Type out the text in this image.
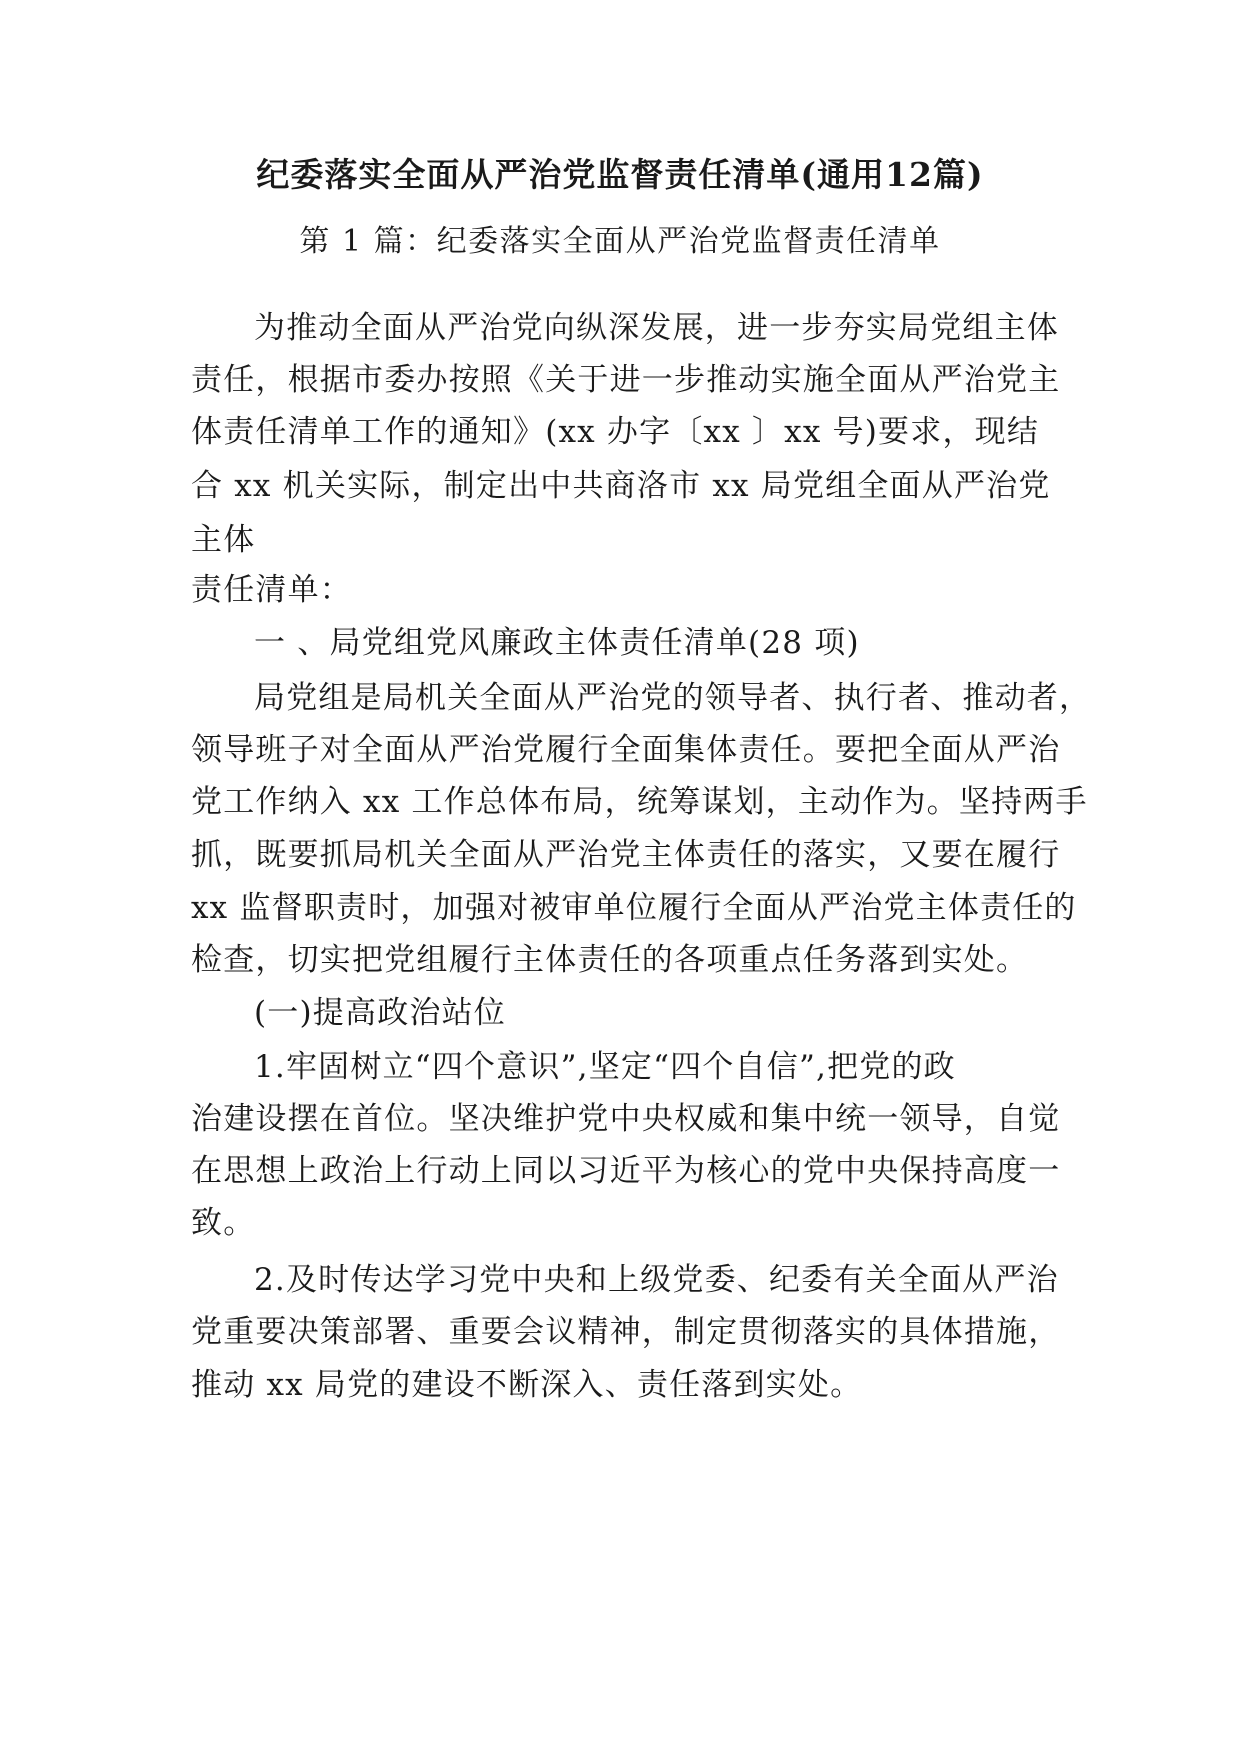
纪委落实全面从严治党监督责任清单(通用12篇)
第 1 篇：纪委落实全面从严治党监督责任清单
为推动全面从严治党向纵深发展，进一步夯实局党组主体
责任，根据市委办按照《关于进一步推动实施全面从严治党主
体责任清单工作的通知》(xx 办字〔xx 〕xx 号)要求，现结
合 xx 机关实际，制定出中共商洛市 xx 局党组全面从严治党
主体
责任清单：
一 、局党组党风廉政主体责任清单(28 项)
局党组是局机关全面从严治党的领导者、执行者、推动者，
领导班子对全面从严治党履行全面集体责任。要把全面从严治
党工作纳入 xx 工作总体布局，统筹谋划，主动作为。坚持两手
抓，既要抓局机关全面从严治党主体责任的落实，又要在履行
xx 监督职责时，加强对被审单位履行全面从严治党主体责任的
检查，切实把党组履行主体责任的各项重点任务落到实处。
(一)提高政治站位
1.牢固树立“四个意识”,坚定“四个自信”,把党的政
治建设摆在首位。坚决维护党中央权威和集中统一领导，自觉
在思想上政治上行动上同以习近平为核心的党中央保持高度一
致。
2.及时传达学习党中央和上级党委、纪委有关全面从严治
党重要决策部署、重要会议精神，制定贯彻落实的具体措施，
推动 xx 局党的建设不断深入、责任落到实处。
